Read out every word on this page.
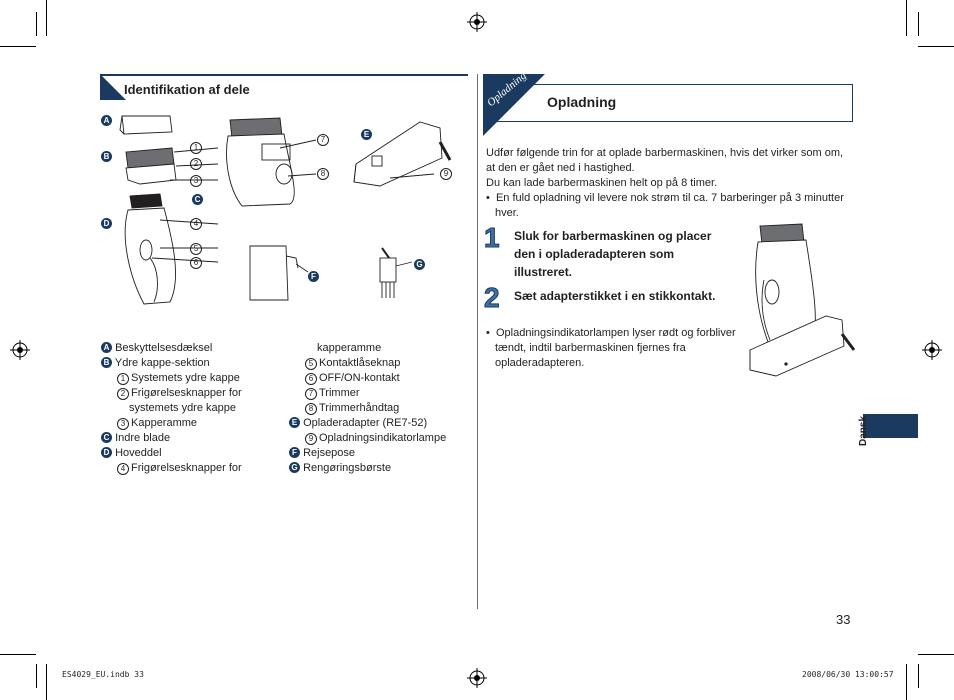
Identifikation af dele
A
B
C
D
E
F
G
1
2
3
4
5
6
7
8	9
A Beskyttelsesdæksel
B Ydre kappe-sektion
1 Systemets ydre kappe
2 Frigørelsesknapper for
systemets ydre kappe
3 Kapperamme
C Indre blade
D Hoveddel
4 Frigørelsesknapper for
kapperamme
5 Kontaktlåseknap
6 OFF/ON-kontakt
7 Trimmer
8 Trimmerhåndtag
E Opladeradapter (RE7-52)
9 Opladningsindikatorlampe
F Rejsepose
G Rengøringsbørste
Opladning Opladning
Udfør følgende trin for at oplade barbermaskinen, hvis det virker som om,
at den er gået ned i hastighed.
Du kan lade barbermaskinen helt op på 8 timer.
•  En fuld opladning vil levere nok strøm til ca. 7 barberinger på 3 minutter
hver.
1 Sluk for barbermaskinen og placer
den i opladeradapteren som
illustreret.
2 Sæt adapterstikket i en stikkontakt.
•  Opladningsindikatorlampen lyser rødt og forbliver
tændt, indtil barbermaskinen fjernes fra
opladeradapteren.
Dansk
33
ES4029_EU.indb 33	2008/06/30 13:00:57
